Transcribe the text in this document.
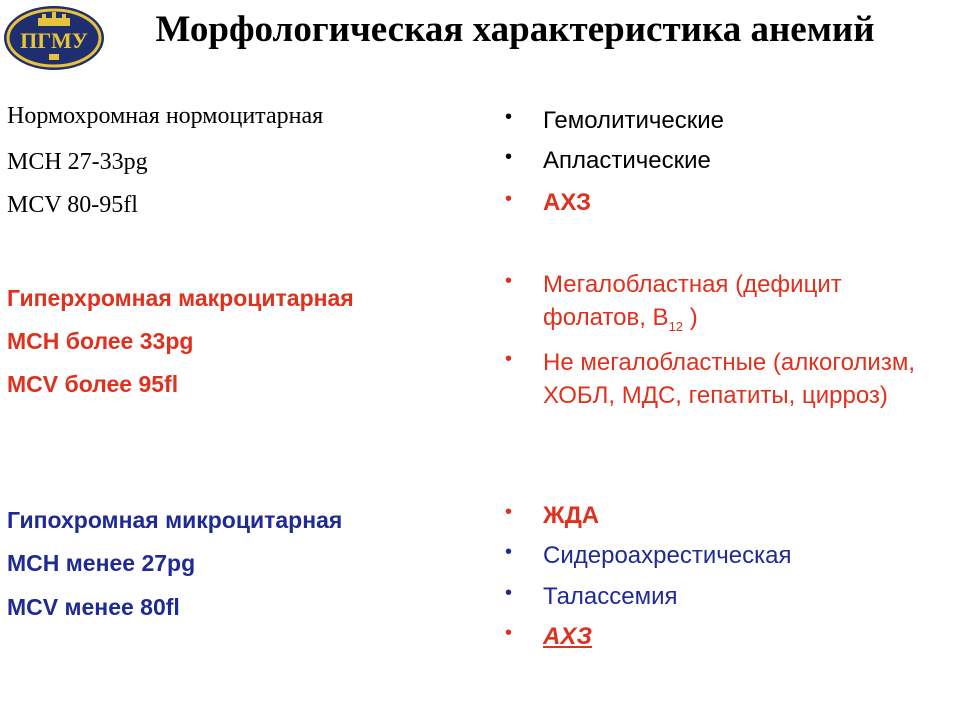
ПГМУ Морфологическая характеристика анемий
Нормохромная нормоцитарная
MCH 27-33pg
MCV 80-95fl
Гиперхромная макроцитарная
MCH более 33pg
MCV более 95fl
Гипохромная микроцитарная
MCH менее 27pg
MCV менее 80fl
• Гемолитические
• Апластические
• АХЗ
• Мегалобластная (дефицит фолатов, $B_{12}$ )
• Не мегалобластные (алкоголизм, ХОБЛ, МДС, гепатиты, цирроз)
• ЖДА
• Сидероахрестическая
• Талассемия
• АХЗ
